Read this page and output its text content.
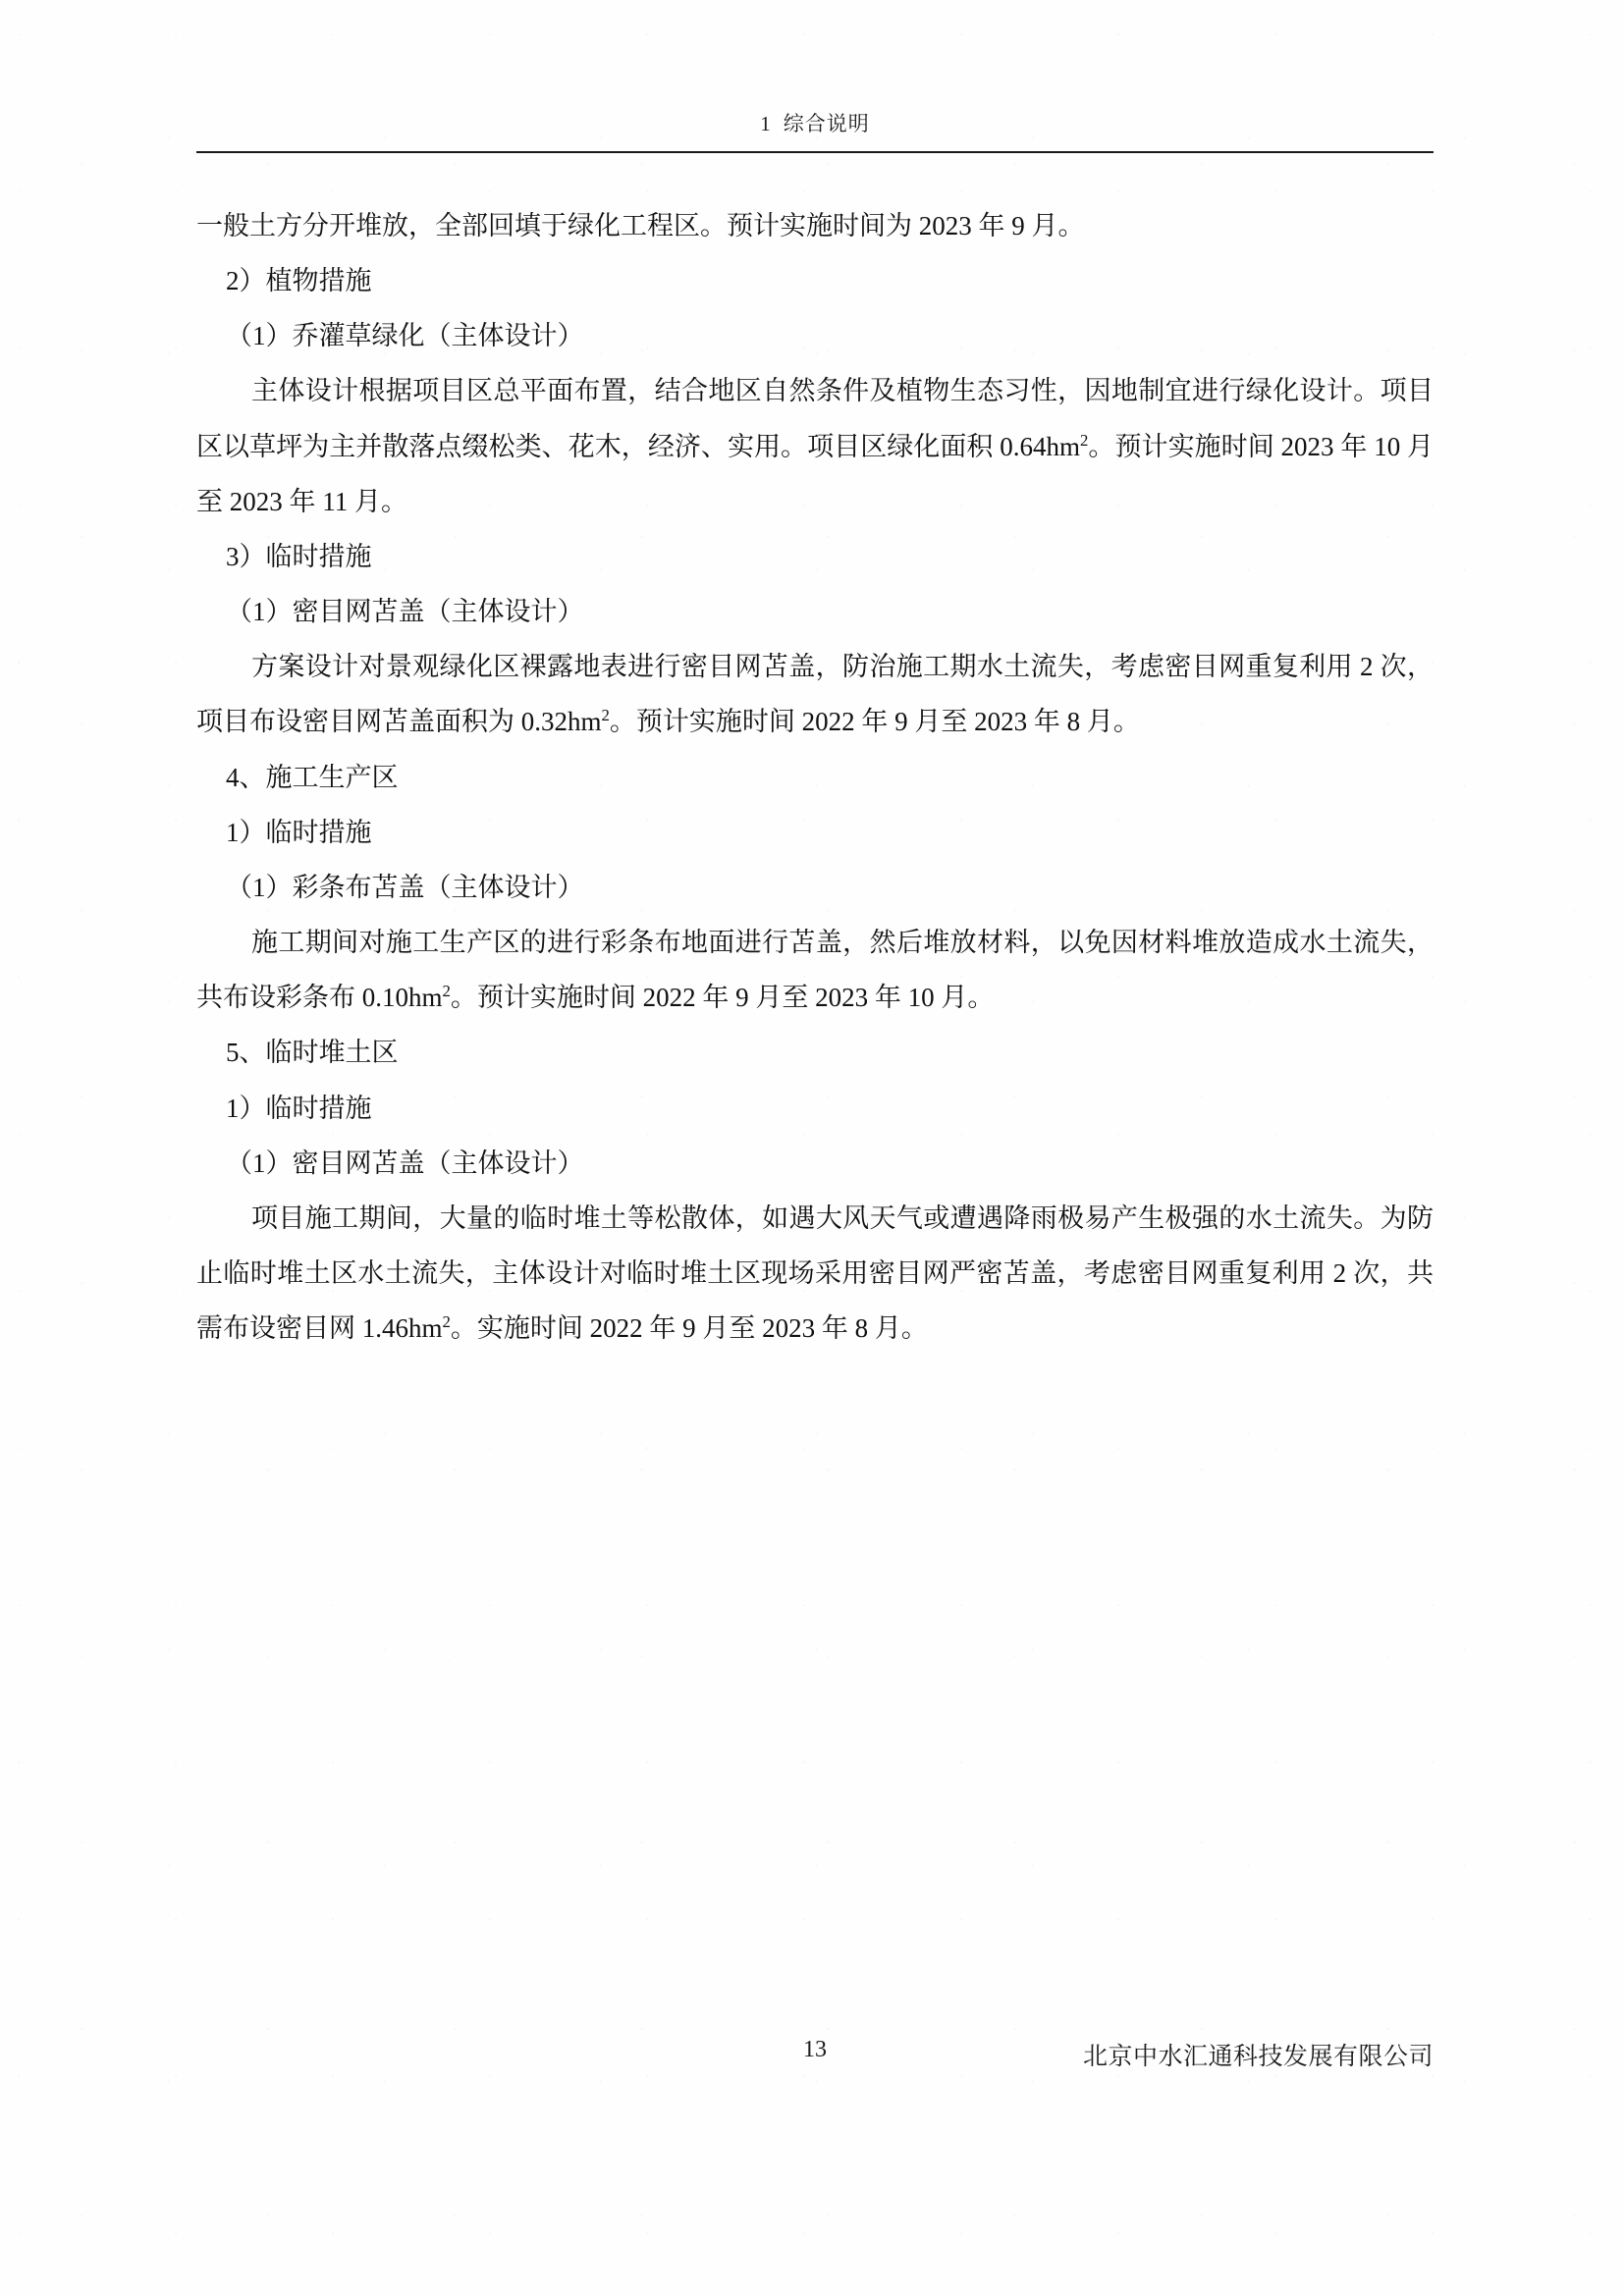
1 综合说明

一般土方分开堆放，全部回填于绿化工程区。预计实施时间为 2023 年 9 月。

2）植物措施

（1）乔灌草绿化（主体设计）

主体设计根据项目区总平面布置，结合地区自然条件及植物生态习性，因地制宜进行绿化设计。项目区以草坪为主并散落点缀松类、花木，经济、实用。项目区绿化面积 $0.64hm^2$。预计实施时间 2023 年 10 月至 2023 年 11 月。

3）临时措施

（1）密目网苫盖（主体设计）

方案设计对景观绿化区裸露地表进行密目网苫盖，防治施工期水土流失，考虑密目网重复利用 2 次，项目布设密目网苫盖面积为 $0.32hm^2$。预计实施时间 2022 年 9 月至 2023 年 8 月。

4、施工生产区

1）临时措施

（1）彩条布苫盖（主体设计）

施工期间对施工生产区的进行彩条布地面进行苫盖，然后堆放材料，以免因材料堆放造成水土流失，共布设彩条布 $0.10hm^2$。预计实施时间 2022 年 9 月至 2023 年 10 月。

5、临时堆土区

1）临时措施

（1）密目网苫盖（主体设计）

项目施工期间，大量的临时堆土等松散体，如遇大风天气或遭遇降雨极易产生极强的水土流失。为防止临时堆土区水土流失，主体设计对临时堆土区现场采用密目网严密苫盖，考虑密目网重复利用 2 次，共需布设密目网 $1.46hm^2$。实施时间 2022 年 9 月至 2023 年 8 月。

13	北京中水汇通科技发展有限公司
